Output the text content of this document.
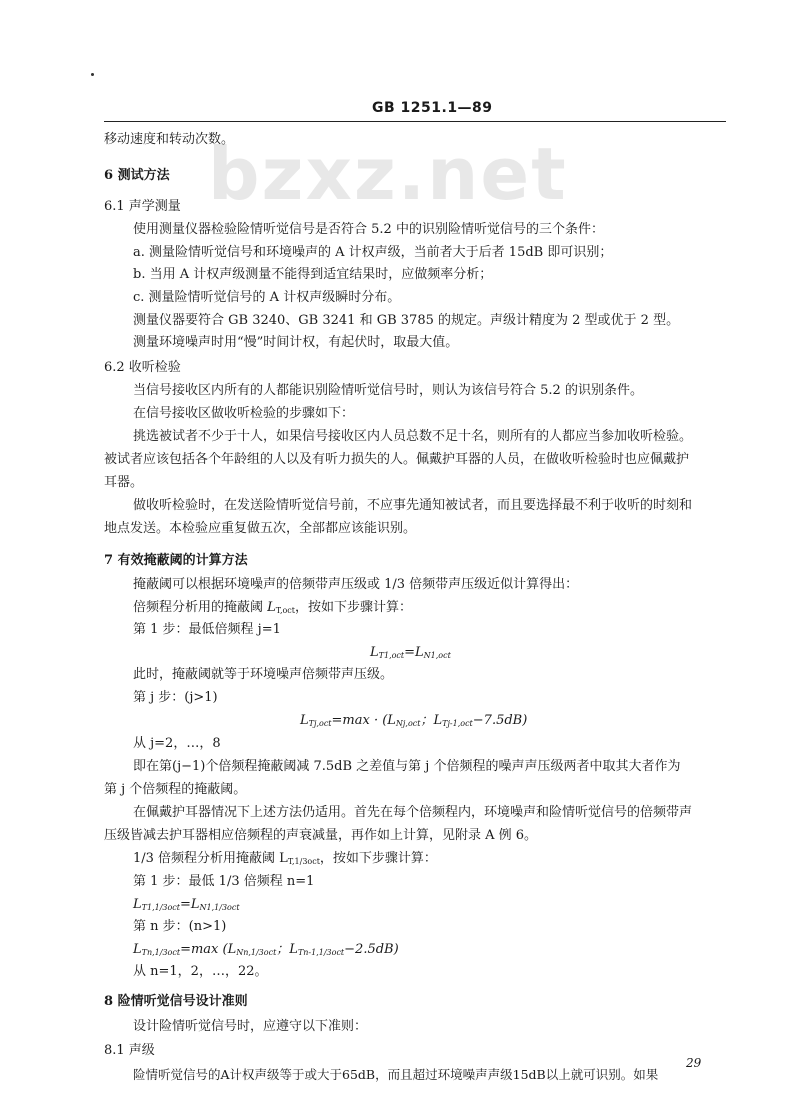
GB 1251.1—89
bzxz.net
移动速度和转动次数。
6 测试方法
6.1 声学测量
使用测量仪器检验险情听觉信号是否符合 5.2 中的识别险情听觉信号的三个条件：
a. 测量险情听觉信号和环境噪声的 A 计权声级，当前者大于后者 15dB 即可识别；
b. 当用 A 计权声级测量不能得到适宜结果时，应做频率分析；
c. 测量险情听觉信号的 A 计权声级瞬时分布。
测量仪器要符合 GB 3240、GB 3241 和 GB 3785 的规定。声级计精度为 2 型或优于 2 型。
测量环境噪声时用“慢”时间计权，有起伏时，取最大值。
6.2 收听检验
当信号接收区内所有的人都能识别险情听觉信号时，则认为该信号符合 5.2 的识别条件。
在信号接收区做收听检验的步骤如下：
挑选被试者不少于十人，如果信号接收区内人员总数不足十名，则所有的人都应当参加收听检验。
被试者应该包括各个年龄组的人以及有听力损失的人。佩戴护耳器的人员，在做收听检验时也应佩戴护
耳器。
做收听检验时，在发送险情听觉信号前，不应事先通知被试者，而且要选择最不利于收听的时刻和
地点发送。本检验应重复做五次，全部都应该能识别。
7 有效掩蔽阈的计算方法
掩蔽阈可以根据环境噪声的倍频带声压级或 1/3 倍频带声压级近似计算得出：
倍频程分析用的掩蔽阈 $L_{T,oct}$，按如下步骤计算：
第 1 步：最低倍频程 j=1
$L_{T1,oct}=L_{N1,oct}$
此时，掩蔽阈就等于环境噪声倍频带声压级。
第 j 步：(j>1)
$L_{Tj,oct}=\max \cdot (L_{Nj,oct}$；$L_{Tj-1,oct}-7.5dB$)
从 j=2，…，8
即在第(j−1)个倍频程掩蔽阈减 7.5dB 之差值与第 j 个倍频程的噪声声压级两者中取其大者作为
第 j 个倍频程的掩蔽阈。
在佩戴护耳器情况下上述方法仍适用。首先在每个倍频程内，环境噪声和险情听觉信号的倍频带声
压级皆减去护耳器相应倍频程的声衰减量，再作如上计算，见附录 A 例 6。
1/3 倍频程分析用掩蔽阈 $L_{T,1/3oct}$，按如下步骤计算：
第 1 步：最低 1/3 倍频程 n=1
$L_{T1,1/3oct}=L_{N1,1/3oct}$
第 n 步：(n>1)
$L_{Tn,1/3oct}=\max$ ($L_{Nn,1/3oct}$；$L_{Tn-1,1/3oct}-2.5dB$)
从 n=1，2，…，22。
8 险情听觉信号设计准则
设计险情听觉信号时，应遵守以下准则：
8.1 声级
险情听觉信号的A计权声级等于或大于65dB，而且超过环境噪声声级15dB以上就可识别。如果
29
